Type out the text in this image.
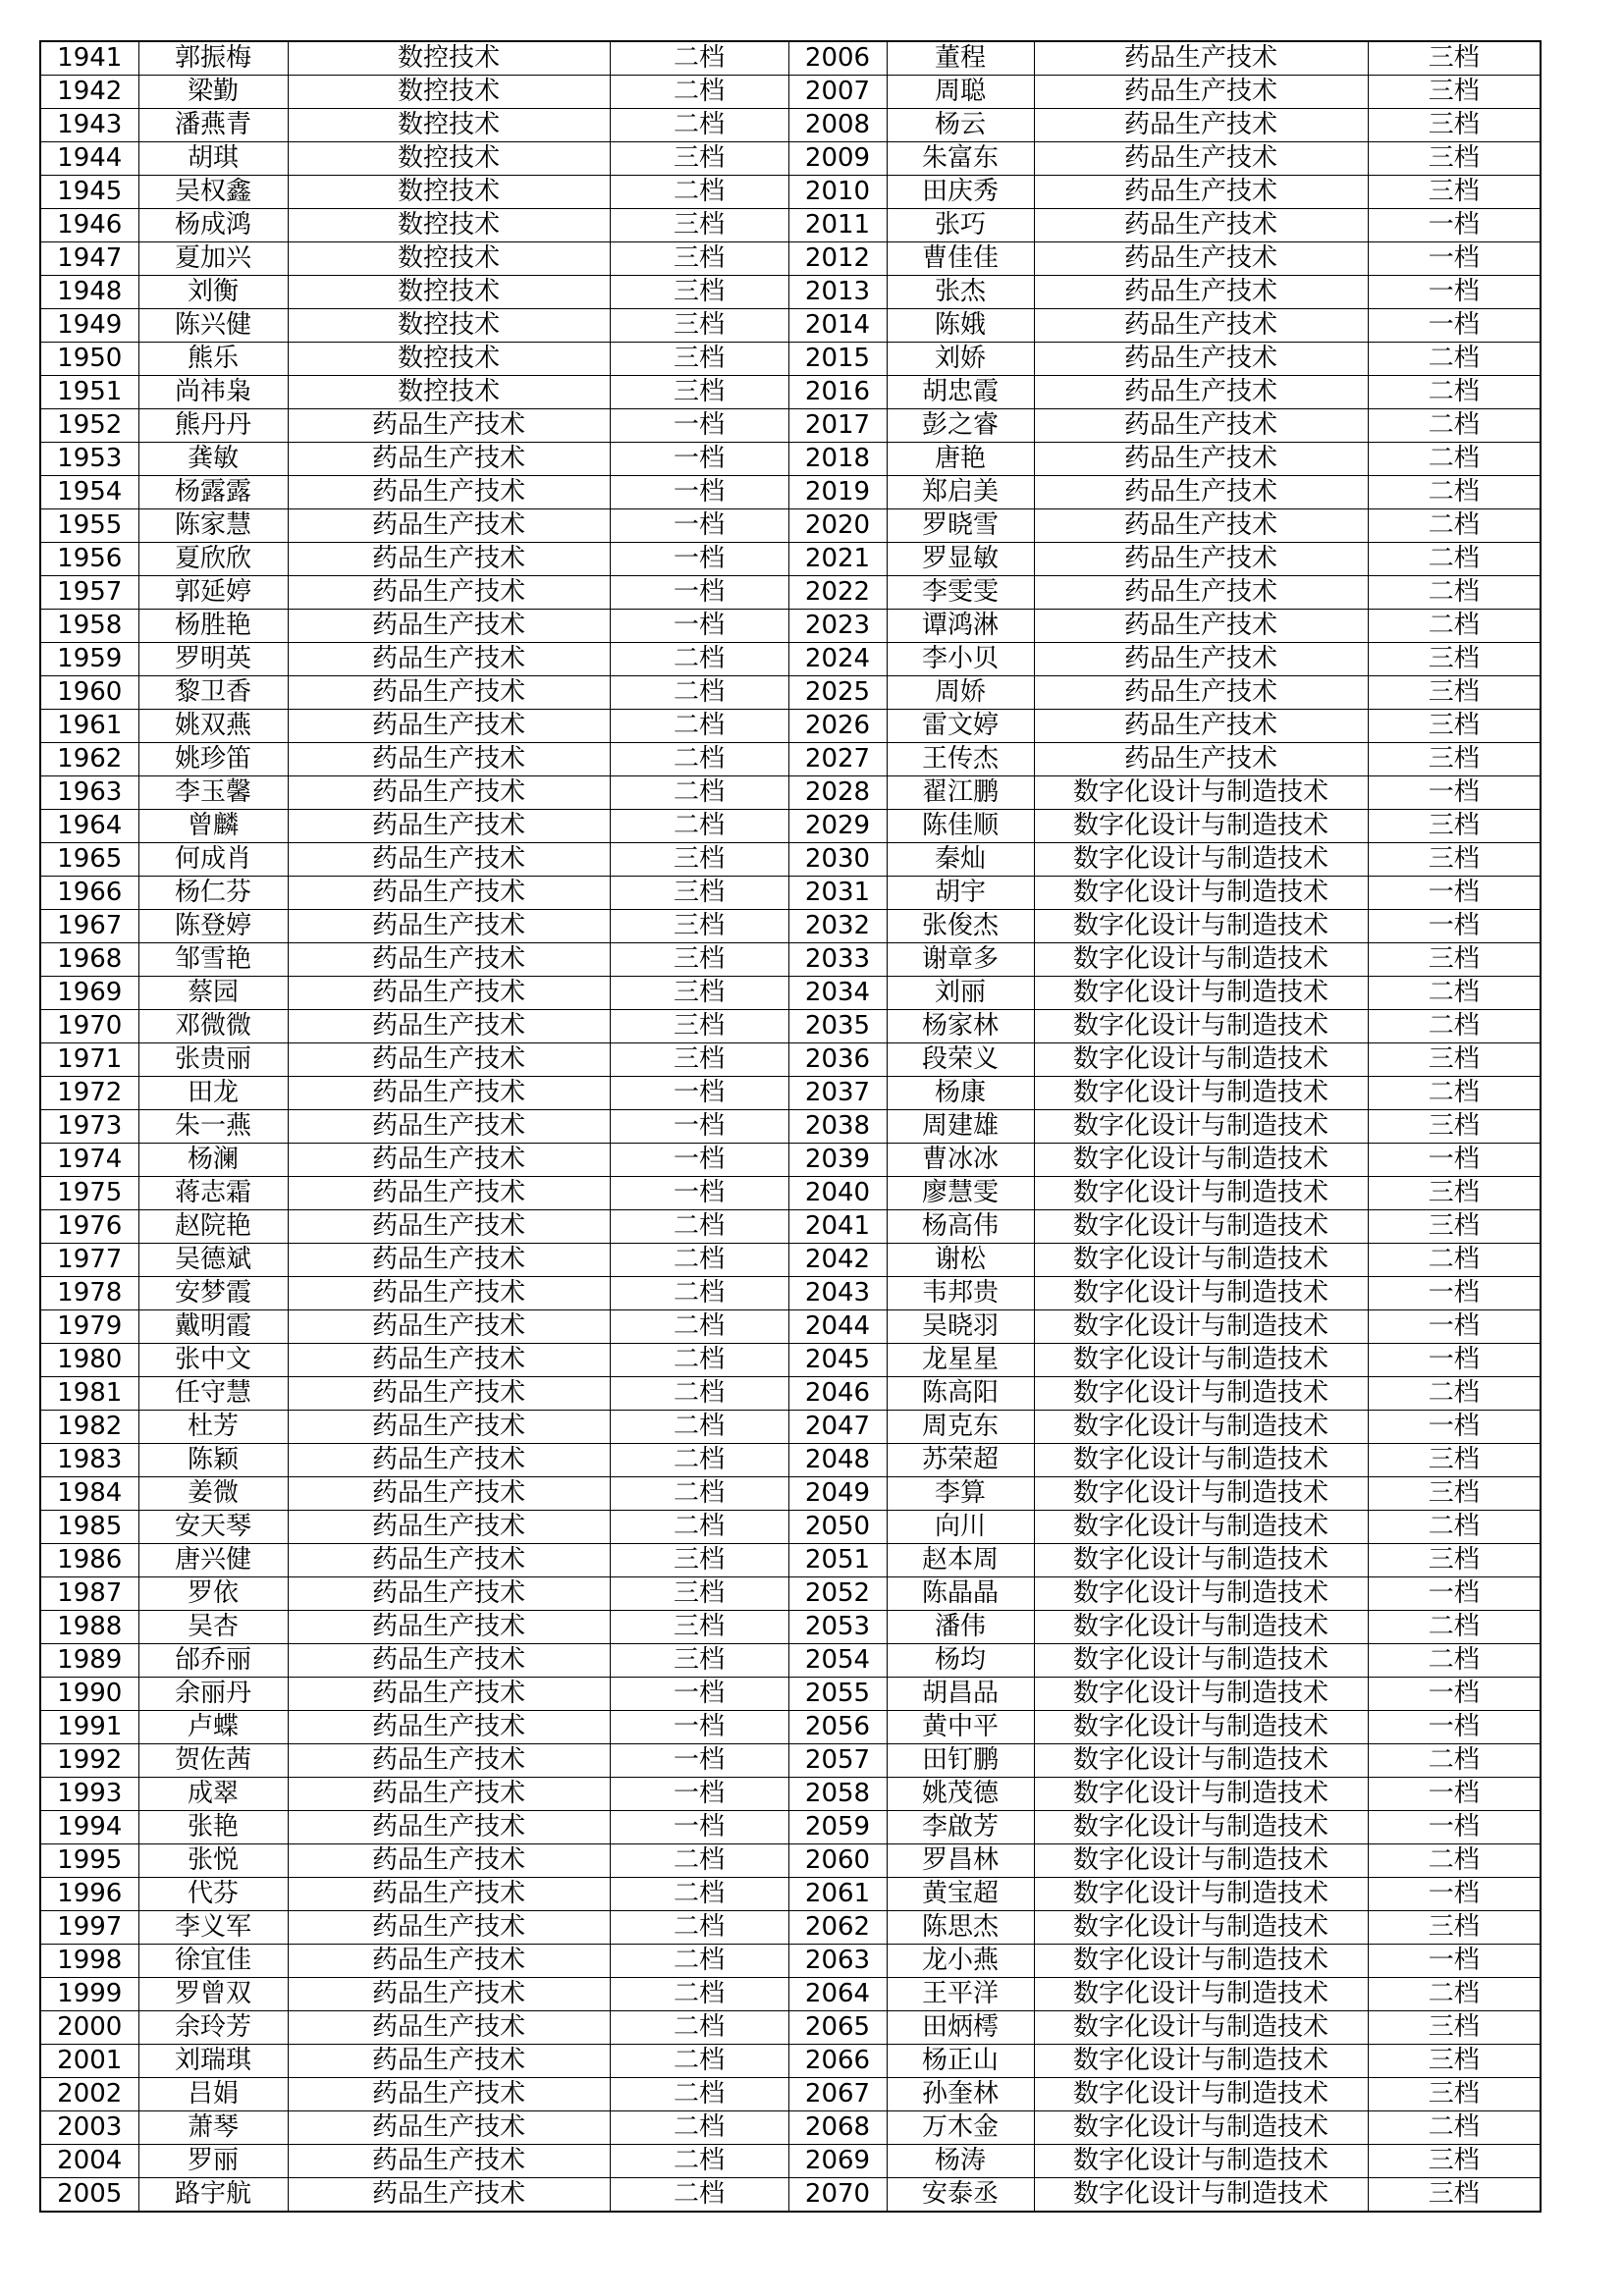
1941	郭振梅	数控技术	二档	2006	董程	药品生产技术	三档
1942	梁勤	数控技术	二档	2007	周聪	药品生产技术	三档
1943	潘燕青	数控技术	二档	2008	杨云	药品生产技术	三档
1944	胡琪	数控技术	三档	2009	朱富东	药品生产技术	三档
1945	吴权鑫	数控技术	二档	2010	田庆秀	药品生产技术	三档
1946	杨成鸿	数控技术	三档	2011	张巧	药品生产技术	一档
1947	夏加兴	数控技术	三档	2012	曹佳佳	药品生产技术	一档
1948	刘衡	数控技术	三档	2013	张杰	药品生产技术	一档
1949	陈兴健	数控技术	三档	2014	陈娥	药品生产技术	一档
1950	熊乐	数控技术	三档	2015	刘娇	药品生产技术	二档
1951	尚祎枭	数控技术	三档	2016	胡忠霞	药品生产技术	二档
1952	熊丹丹	药品生产技术	一档	2017	彭之睿	药品生产技术	二档
1953	龚敏	药品生产技术	一档	2018	唐艳	药品生产技术	二档
1954	杨露露	药品生产技术	一档	2019	郑启美	药品生产技术	二档
1955	陈家慧	药品生产技术	一档	2020	罗晓雪	药品生产技术	二档
1956	夏欣欣	药品生产技术	一档	2021	罗显敏	药品生产技术	二档
1957	郭延婷	药品生产技术	一档	2022	李雯雯	药品生产技术	二档
1958	杨胜艳	药品生产技术	一档	2023	谭鸿淋	药品生产技术	二档
1959	罗明英	药品生产技术	二档	2024	李小贝	药品生产技术	三档
1960	黎卫香	药品生产技术	二档	2025	周娇	药品生产技术	三档
1961	姚双燕	药品生产技术	二档	2026	雷文婷	药品生产技术	三档
1962	姚珍笛	药品生产技术	二档	2027	王传杰	药品生产技术	三档
1963	李玉馨	药品生产技术	二档	2028	翟江鹏	数字化设计与制造技术	一档
1964	曾麟	药品生产技术	二档	2029	陈佳顺	数字化设计与制造技术	三档
1965	何成肖	药品生产技术	三档	2030	秦灿	数字化设计与制造技术	三档
1966	杨仁芬	药品生产技术	三档	2031	胡宇	数字化设计与制造技术	一档
1967	陈登婷	药品生产技术	三档	2032	张俊杰	数字化设计与制造技术	一档
1968	邹雪艳	药品生产技术	三档	2033	谢章多	数字化设计与制造技术	三档
1969	蔡园	药品生产技术	三档	2034	刘丽	数字化设计与制造技术	二档
1970	邓微微	药品生产技术	三档	2035	杨家林	数字化设计与制造技术	二档
1971	张贵丽	药品生产技术	三档	2036	段荣义	数字化设计与制造技术	三档
1972	田龙	药品生产技术	一档	2037	杨康	数字化设计与制造技术	二档
1973	朱一燕	药品生产技术	一档	2038	周建雄	数字化设计与制造技术	三档
1974	杨澜	药品生产技术	一档	2039	曹冰冰	数字化设计与制造技术	一档
1975	蒋志霜	药品生产技术	一档	2040	廖慧雯	数字化设计与制造技术	三档
1976	赵院艳	药品生产技术	二档	2041	杨高伟	数字化设计与制造技术	三档
1977	吴德斌	药品生产技术	二档	2042	谢松	数字化设计与制造技术	二档
1978	安梦霞	药品生产技术	二档	2043	韦邦贵	数字化设计与制造技术	一档
1979	戴明霞	药品生产技术	二档	2044	吴晓羽	数字化设计与制造技术	一档
1980	张中文	药品生产技术	二档	2045	龙星星	数字化设计与制造技术	一档
1981	任守慧	药品生产技术	二档	2046	陈高阳	数字化设计与制造技术	二档
1982	杜芳	药品生产技术	二档	2047	周克东	数字化设计与制造技术	一档
1983	陈颖	药品生产技术	二档	2048	苏荣超	数字化设计与制造技术	三档
1984	姜微	药品生产技术	二档	2049	李算	数字化设计与制造技术	三档
1985	安天琴	药品生产技术	二档	2050	向川	数字化设计与制造技术	二档
1986	唐兴健	药品生产技术	三档	2051	赵本周	数字化设计与制造技术	三档
1987	罗依	药品生产技术	三档	2052	陈晶晶	数字化设计与制造技术	一档
1988	吴杏	药品生产技术	三档	2053	潘伟	数字化设计与制造技术	二档
1989	邰乔丽	药品生产技术	三档	2054	杨均	数字化设计与制造技术	二档
1990	余丽丹	药品生产技术	一档	2055	胡昌品	数字化设计与制造技术	一档
1991	卢蝶	药品生产技术	一档	2056	黄中平	数字化设计与制造技术	一档
1992	贺佐茜	药品生产技术	一档	2057	田钉鹏	数字化设计与制造技术	二档
1993	成翠	药品生产技术	一档	2058	姚茂德	数字化设计与制造技术	一档
1994	张艳	药品生产技术	一档	2059	李啟芳	数字化设计与制造技术	一档
1995	张悦	药品生产技术	二档	2060	罗昌林	数字化设计与制造技术	二档
1996	代芬	药品生产技术	二档	2061	黄宝超	数字化设计与制造技术	一档
1997	李义军	药品生产技术	二档	2062	陈思杰	数字化设计与制造技术	三档
1998	徐宜佳	药品生产技术	二档	2063	龙小燕	数字化设计与制造技术	一档
1999	罗曾双	药品生产技术	二档	2064	王平洋	数字化设计与制造技术	二档
2000	余玲芳	药品生产技术	二档	2065	田炳樗	数字化设计与制造技术	三档
2001	刘瑞琪	药品生产技术	二档	2066	杨正山	数字化设计与制造技术	三档
2002	吕娟	药品生产技术	二档	2067	孙奎林	数字化设计与制造技术	三档
2003	萧琴	药品生产技术	二档	2068	万木金	数字化设计与制造技术	二档
2004	罗丽	药品生产技术	二档	2069	杨涛	数字化设计与制造技术	三档
2005	路宇航	药品生产技术	二档	2070	安泰丞	数字化设计与制造技术	三档
